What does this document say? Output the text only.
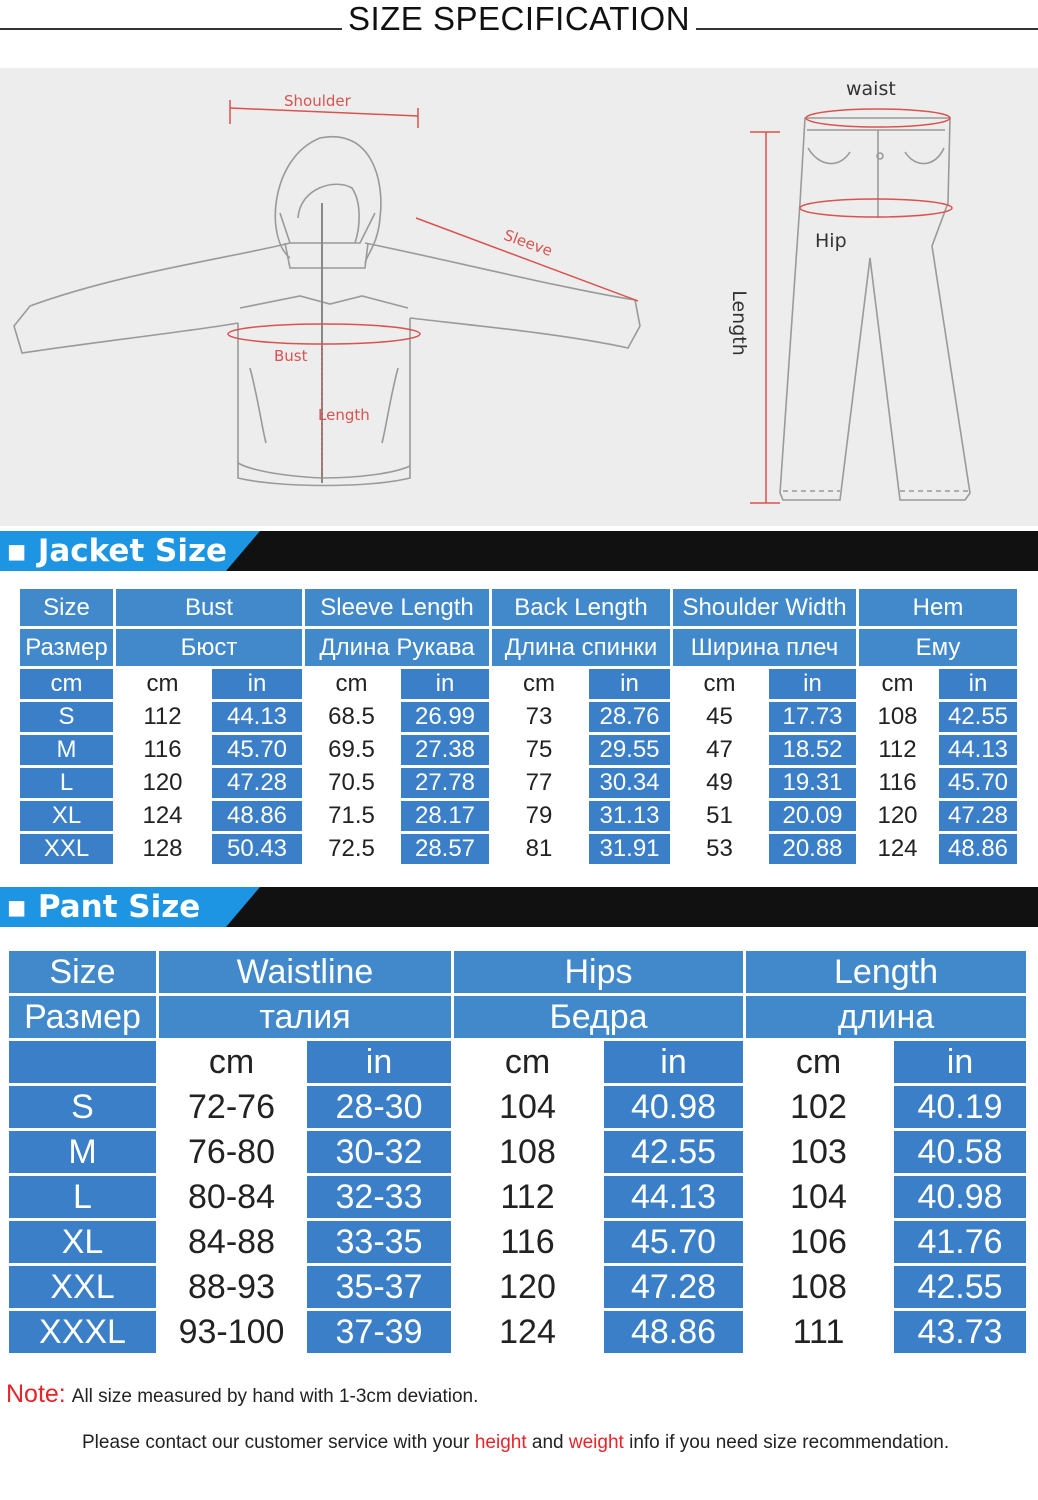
SIZE SPECIFICATION
Shoulder
Sleeve
Bust
Length
waist
Hip
Length
▪ Jacket Size
Size	Bust		Sleeve Length		Back Length		Shoulder Width		Hem	
Размер	Бюст		Длина Рукава		Длина спинки		Ширина плеч		Ему	
cm	cm	in	cm	in	cm	in	cm	in	cm	in
S	112	44.13	68.5	26.99	73	28.76	45	17.73	108	42.55
M	116	45.70	69.5	27.38	75	29.55	47	18.52	112	44.13
L	120	47.28	70.5	27.78	77	30.34	49	19.31	116	45.70
XL	124	48.86	71.5	28.17	79	31.13	51	20.09	120	47.28
XXL	128	50.43	72.5	28.57	81	31.91	53	20.88	124	48.86
▪ Pant Size
Size	Waistline		Hips		Length	
Размер	талия		Бедра		длина	
	cm	in	cm	in	cm	in
S	72-76	28-30	104	40.98	102	40.19
M	76-80	30-32	108	42.55	103	40.58
L	80-84	32-33	112	44.13	104	40.98
XL	84-88	33-35	116	45.70	106	41.76
XXL	88-93	35-37	120	47.28	108	42.55
XXXL	93-100	37-39	124	48.86	111	43.73
Note: All size measured by hand with 1-3cm deviation.
Please contact our customer service with your height and weight info if you need size recommendation.
